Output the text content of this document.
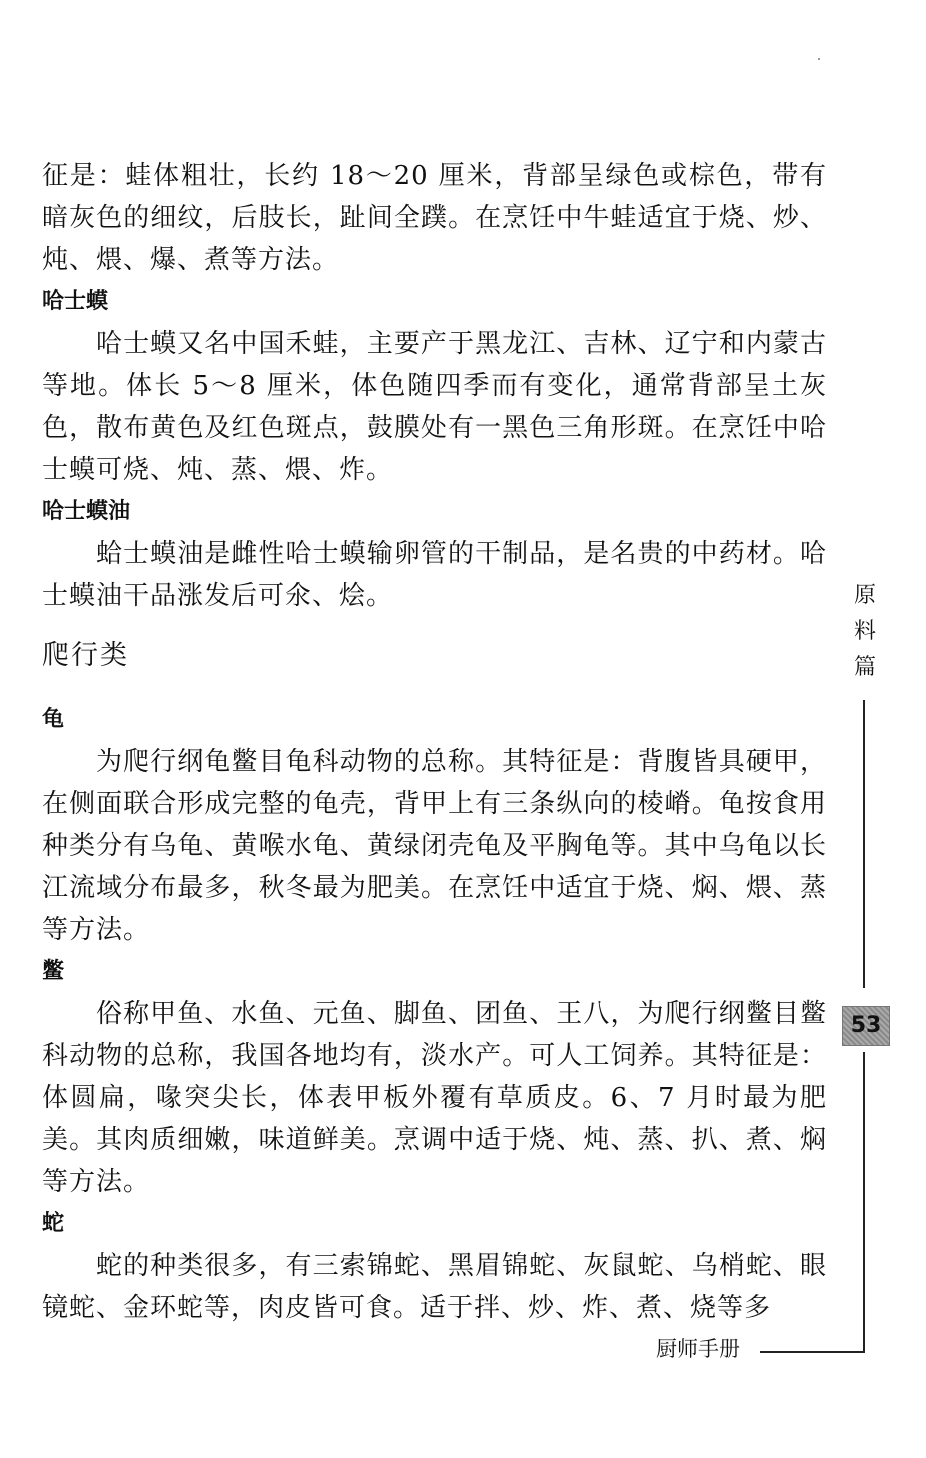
征是：蛙体粗壮，长约 18～20 厘米，背部呈绿色或棕色，带有暗灰色的细纹，后肢长，趾间全蹼。在烹饪中牛蛙适宜于烧、炒、炖、煨、爆、煮等方法。

哈士蟆

哈士蟆又名中国禾蛙，主要产于黑龙江、吉林、辽宁和内蒙古等地。体长 5～8 厘米，体色随四季而有变化，通常背部呈土灰色，散布黄色及红色斑点，鼓膜处有一黑色三角形斑。在烹饪中哈士蟆可烧、炖、蒸、煨、炸。

哈士蟆油

蛤士蟆油是雌性哈士蟆输卵管的干制品，是名贵的中药材。哈士蟆油干品涨发后可氽、烩。

爬行类

龟

为爬行纲龟鳖目龟科动物的总称。其特征是：背腹皆具硬甲，在侧面联合形成完整的龟壳，背甲上有三条纵向的棱嵴。龟按食用种类分有乌龟、黄喉水龟、黄绿闭壳龟及平胸龟等。其中乌龟以长江流域分布最多，秋冬最为肥美。在烹饪中适宜于烧、焖、煨、蒸等方法。

鳖

俗称甲鱼、水鱼、元鱼、脚鱼、团鱼、王八，为爬行纲鳖目鳖科动物的总称，我国各地均有，淡水产。可人工饲养。其特征是：体圆扁，喙突尖长，体表甲板外覆有草质皮。6、7 月时最为肥美。其肉质细嫩，味道鲜美。烹调中适于烧、炖、蒸、扒、煮、焖等方法。

蛇

蛇的种类很多，有三索锦蛇、黑眉锦蛇、灰鼠蛇、乌梢蛇、眼镜蛇、金环蛇等，肉皮皆可食。适于拌、炒、炸、煮、烧等多

原
料
篇
53
厨师手册
